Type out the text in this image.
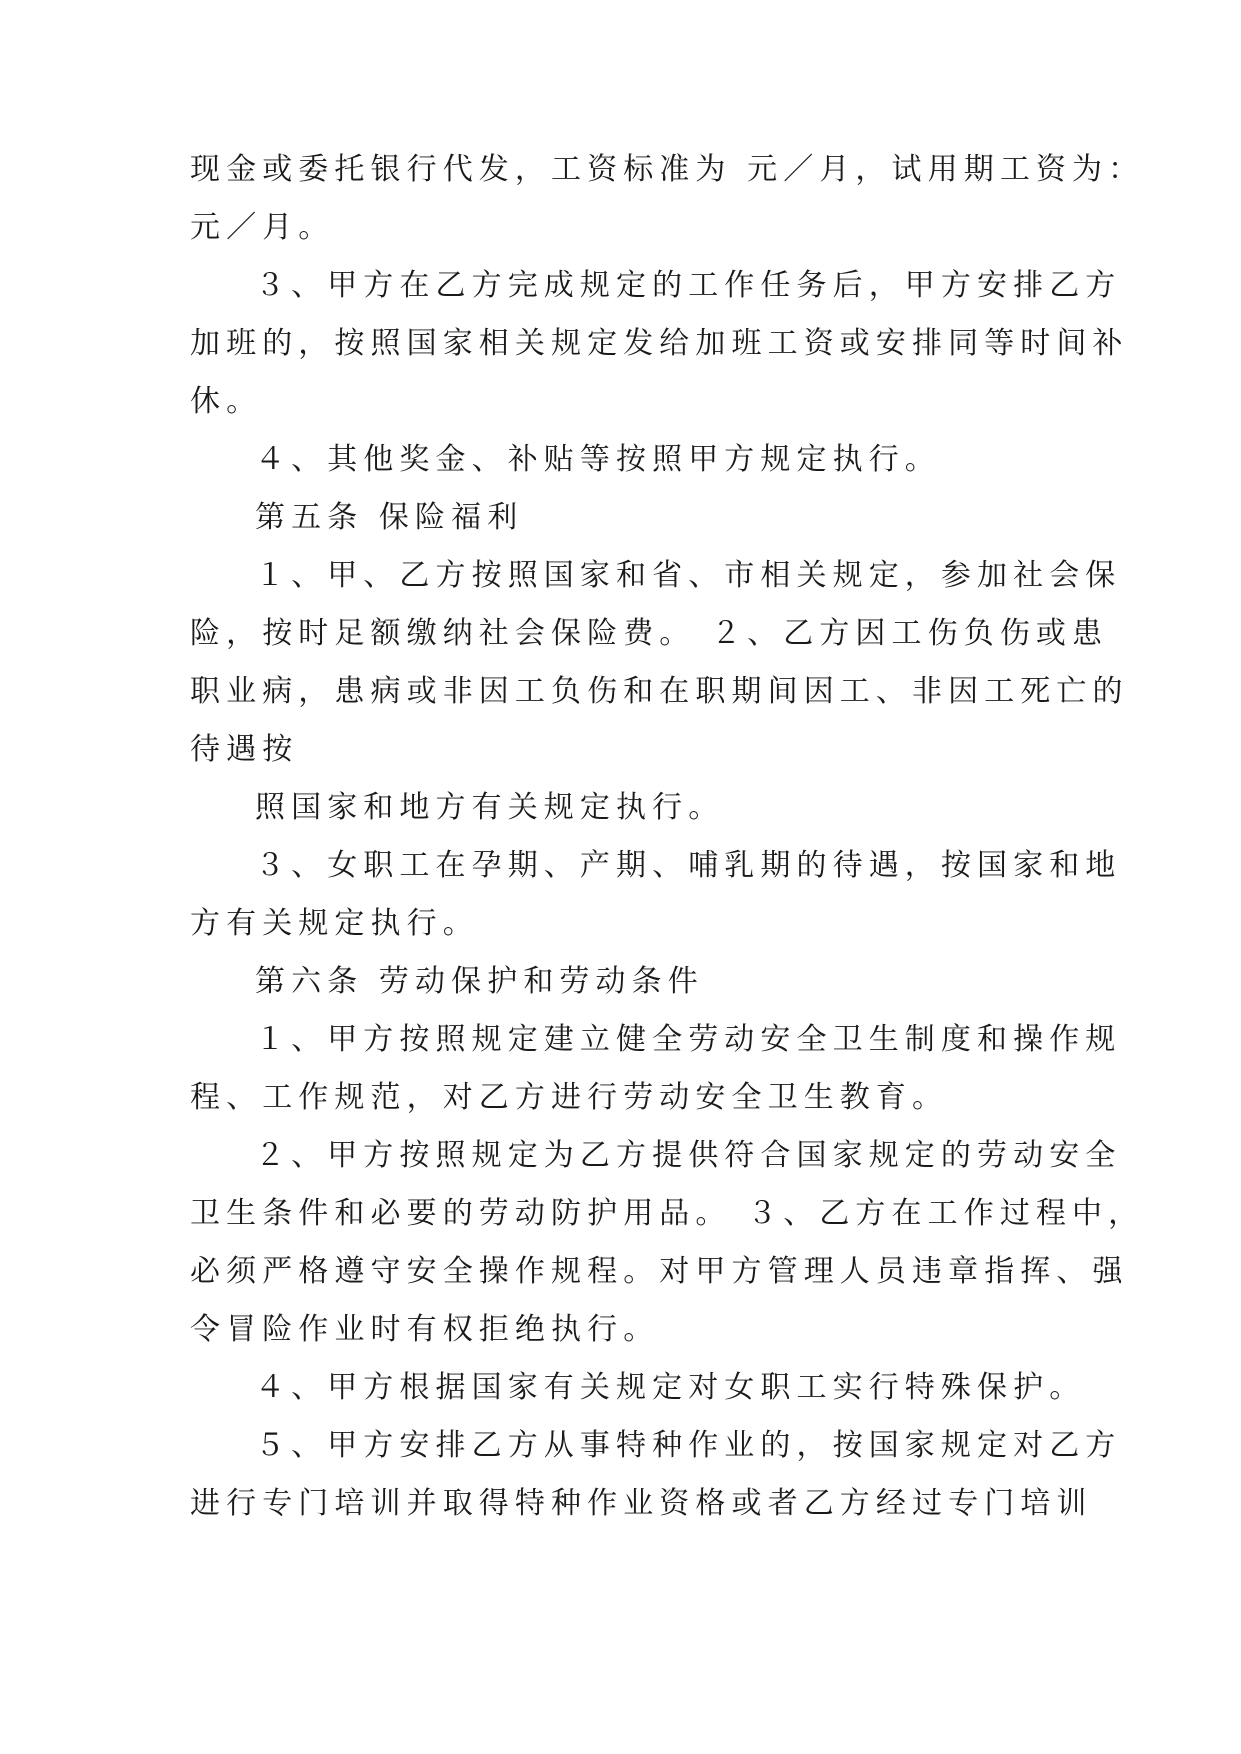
现金或委托银行代发，工资标准为 元／月，试用期工资为：
元／月。
３、甲方在乙方完成规定的工作任务后，甲方安排乙方
加班的，按照国家相关规定发给加班工资或安排同等时间补
休。
４、其他奖金、补贴等按照甲方规定执行。
第五条 保险福利
１、甲、乙方按照国家和省、市相关规定，参加社会保
险，按时足额缴纳社会保险费。 ２、乙方因工伤负伤或患
职业病，患病或非因工负伤和在职期间因工、非因工死亡的
待遇按
照国家和地方有关规定执行。
３、女职工在孕期、产期、哺乳期的待遇，按国家和地
方有关规定执行。
第六条 劳动保护和劳动条件
１、甲方按照规定建立健全劳动安全卫生制度和操作规
程、工作规范，对乙方进行劳动安全卫生教育。
２、甲方按照规定为乙方提供符合国家规定的劳动安全
卫生条件和必要的劳动防护用品。 ３、乙方在工作过程中，
必须严格遵守安全操作规程。对甲方管理人员违章指挥、强
令冒险作业时有权拒绝执行。
４、甲方根据国家有关规定对女职工实行特殊保护。
５、甲方安排乙方从事特种作业的，按国家规定对乙方
进行专门培训并取得特种作业资格或者乙方经过专门培训
